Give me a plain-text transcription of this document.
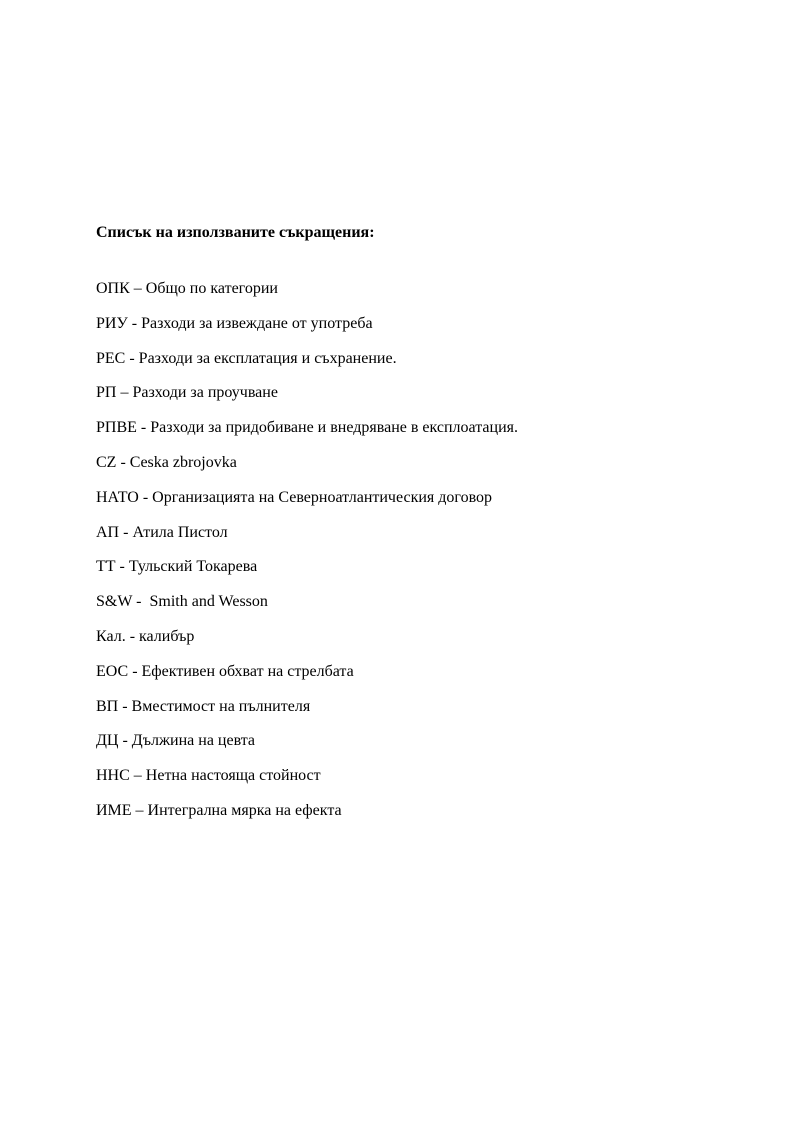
Списък на използваните съкращения:
ОПК – Общо по категории
РИУ - Разходи за извеждане от употреба
РЕС - Разходи за експлатация и съхранение.
РП – Разходи за проучване
РПВЕ - Разходи за придобиване и внедряване в експлоатация.
CZ - Ceska zbrojovka
НАТО - Организацията на Северноатлантическия договор
АП - Атила Пистол
ТТ - Тульский Токарева
S&W -  Smith and Wesson
Кал. - калибър
ЕОС - Ефективен обхват на стрелбата
ВП - Вместимост на пълнителя
ДЦ - Дължина на цевта
ННС – Нетна настояща стойност
ИМЕ – Интегрална мярка на ефекта
